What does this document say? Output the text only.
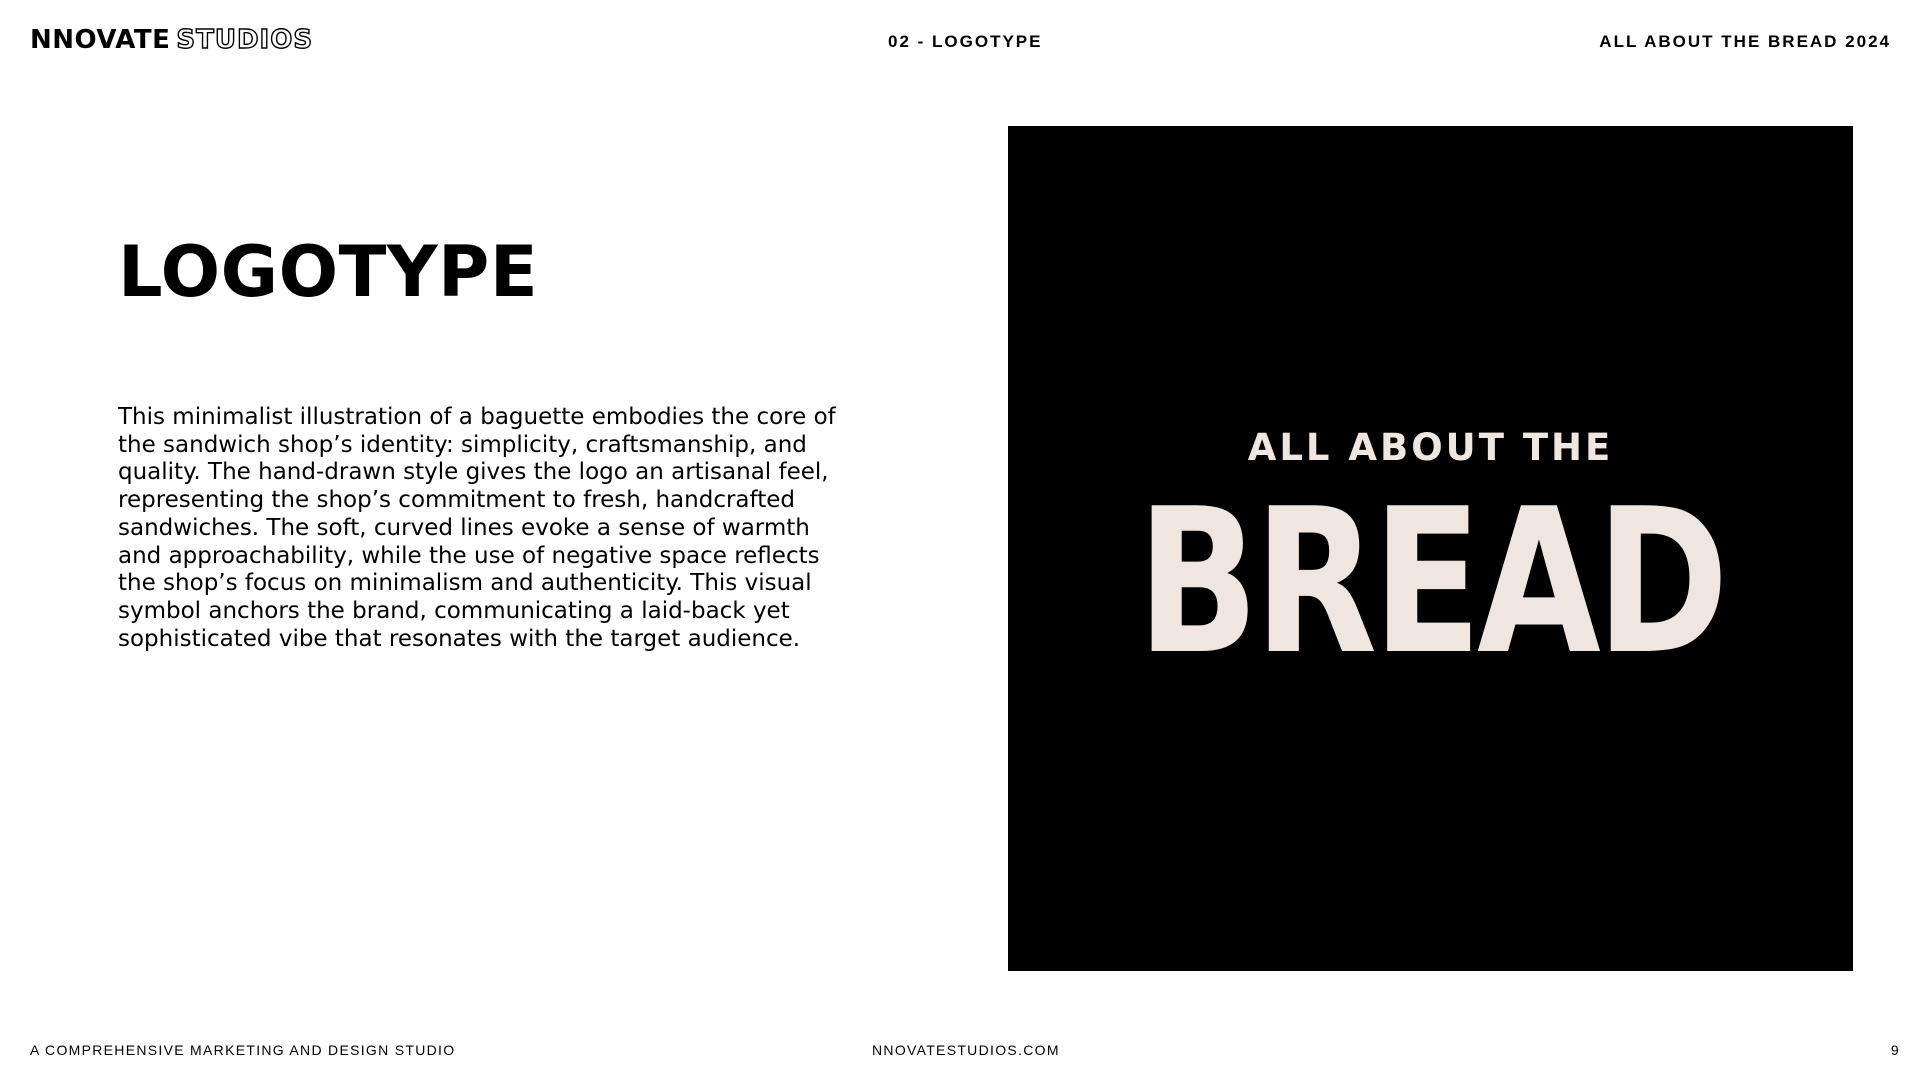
NNOVATE STUDIOS	02 - LOGOTYPE	ALL ABOUT THE BREAD 2024
LOGOTYPE

This minimalist illustration of a baguette embodies the core of the sandwich shop’s identity: simplicity, craftsmanship, and quality. The hand-drawn style gives the logo an artisanal feel, representing the shop’s commitment to fresh, handcrafted sandwiches. The soft, curved lines evoke a sense of warmth and approachability, while the use of negative space reflects the shop’s focus on minimalism and authenticity. This visual symbol anchors the brand, communicating a laid-back yet sophisticated vibe that resonates with the target audience.

ALL ABOUT THE
BREAD
A COMPREHENSIVE MARKETING AND DESIGN STUDIO	NNOVATESTUDIOS.COM	9
